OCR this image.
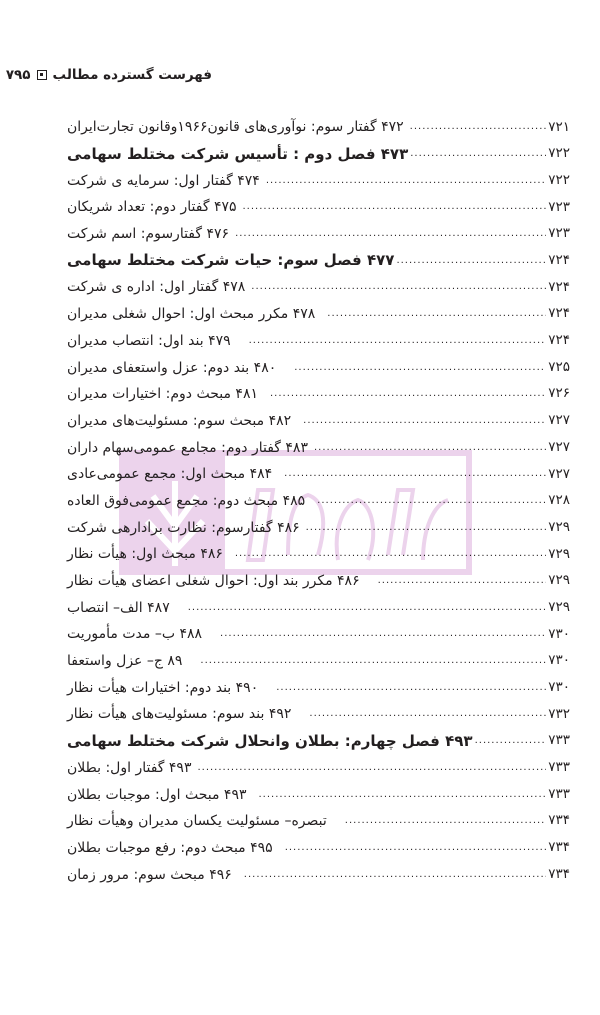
فهرست گسترده مطالب
۷۹۵
۴۷۲ گفتار سوم: نوآوری‌های قانون۱۹۶۶وقانون تجارت‌ایران .....	۷۲۱
۴۷۳ فصل دوم : تأسیس شرکت مختلط سهامی .....	۷۲۲
۴۷۴ گفتار اول: سرمایه ی شرکت .....	۷۲۲
۴۷۵ گفتار دوم: تعداد شریکان .....	۷۲۳
۴۷۶ گفتارسوم: اسم شرکت .....	۷۲۳
۴۷۷ فصل سوم: حیات شرکت مختلط سهامی .....	۷۲۴
۴۷۸ گفتار اول: اداره ی شرکت .....	۷۲۴
۴۷۸ مکرر مبحث اول: احوال شغلی مدیران .....	۷۲۴
۴۷۹ بند اول: انتصاب مدیران .....	۷۲۴
۴۸۰ بند دوم: عزل واستعفای مدیران .....	۷۲۵
۴۸۱ مبحث دوم: اختیارات مدیران .....	۷۲۶
۴۸۲ مبحث سوم: مسئولیت‌های مدیران .....	۷۲۷
۴۸۳ گفتار دوم: مجامع عمومی‌سهام داران .....	۷۲۷
۴۸۴ مبحث اول: مجمع عمومی‌عادی .....	۷۲۷
۴۸۵ مبحث دوم: مجمع عمومی‌فوق العاده .....	۷۲۸
۴۸۶ گفتارسوم: نظارت برادارهی شرکت .....	۷۲۹
۴۸۶ مبحث اول: هیأت نظار .....	۷۲۹
۴۸۶ مکرر بند اول: احوال شغلی اعضای هیأت نظار .....	۷۲۹
۴۸۷ الف– انتصاب .....	۷۲۹
۴۸۸ ب– مدت مأموریت .....	۷۳۰
۸۹ ج– عزل واستعفا .....	۷۳۰
۴۹۰ بند دوم: اختیارات هیأت نظار .....	۷۳۰
۴۹۲ بند سوم: مسئولیت‌های هیأت نظار .....	۷۳۲
۴۹۳ فصل چهارم: بطلان وانحلال شرکت مختلط سهامی .....	۷۳۳
۴۹۳ گفتار اول: بطلان .....	۷۳۳
۴۹۳ مبحث اول: موجبات بطلان .....	۷۳۳
تبصره– مسئولیت یکسان مدیران وهیأت نظار .....	۷۳۴
۴۹۵ مبحث دوم: رفع موجبات بطلان .....	۷۳۴
۴۹۶ مبحث سوم: مرور زمان .....	۷۳۴
